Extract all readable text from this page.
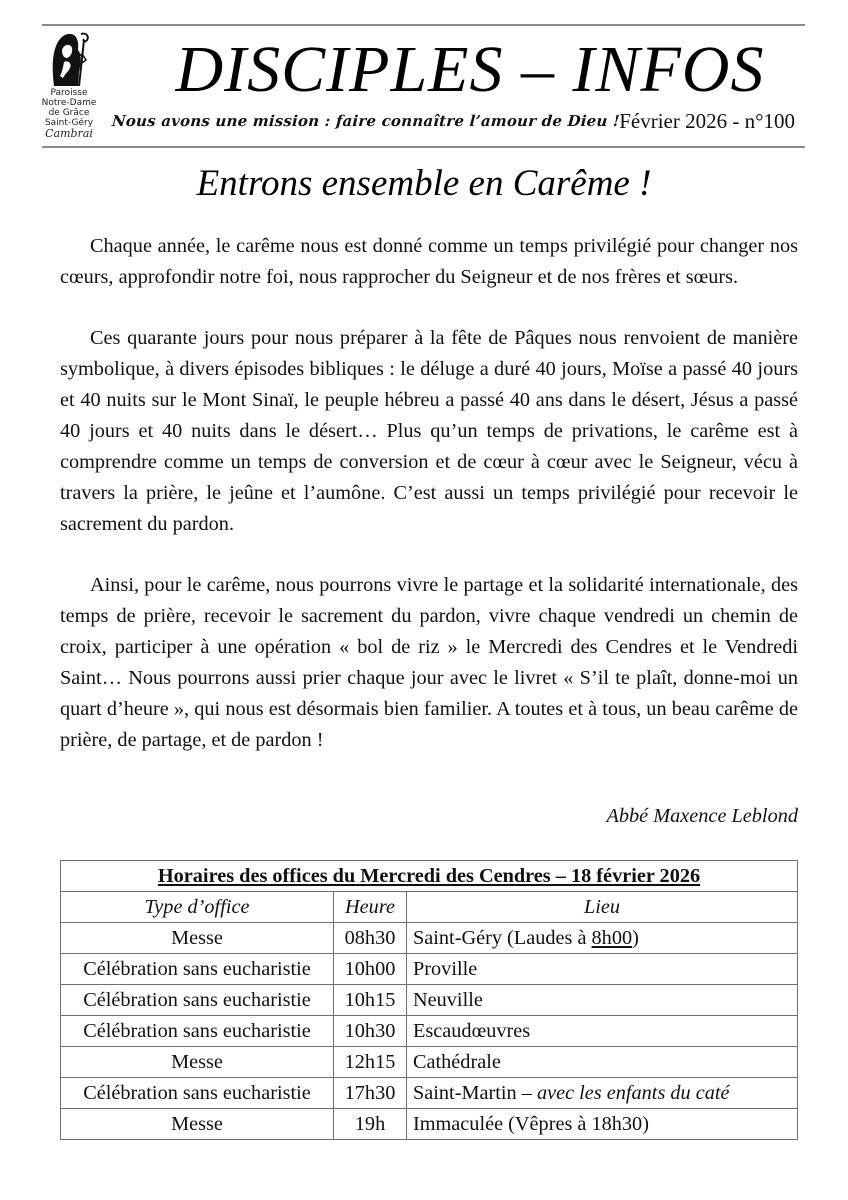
Paroisse
Notre-Dame
de Grâce
Saint-Géry
Cambrai
DISCIPLES – INFOS
Nous avons une mission : faire connaître l’amour de Dieu !
Février 2026 - n°100
Entrons ensemble en Carême !

Chaque année, le carême nous est donné comme un temps privilégié pour changer nos cœurs, approfondir notre foi, nous rapprocher du Seigneur et de nos frères et sœurs.

Ces quarante jours pour nous préparer à la fête de Pâques nous renvoient de manière symbolique, à divers épisodes bibliques : le déluge a duré 40 jours, Moïse a passé 40 jours et 40 nuits sur le Mont Sinaï, le peuple hébreu a passé 40 ans dans le désert, Jésus a passé 40 jours et 40 nuits dans le désert… Plus qu’un temps de privations, le carême est à comprendre comme un temps de conversion et de cœur à cœur avec le Seigneur, vécu à travers la prière, le jeûne et l’aumône. C’est aussi un temps privilégié pour recevoir le sacrement du pardon.

Ainsi, pour le carême, nous pourrons vivre le partage et la solidarité internationale, des temps de prière, recevoir le sacrement du pardon, vivre chaque vendredi un chemin de croix, participer à une opération « bol de riz » le Mercredi des Cendres et le Vendredi Saint… Nous pourrons aussi prier chaque jour avec le livret « S’il te plaît, donne-moi un quart d’heure », qui nous est désormais bien familier. A toutes et à tous, un beau carême de prière, de partage, et de pardon !

Abbé Maxence Leblond
Horaires des offices du Mercredi des Cendres – 18 février 2026		
Type d’office	Heure	Lieu
Messe	08h30	Saint-Géry (Laudes à 8h00)
Célébration sans eucharistie	10h00	Proville
Célébration sans eucharistie	10h15	Neuville
Célébration sans eucharistie	10h30	Escaudœuvres
Messe	12h15	Cathédrale
Célébration sans eucharistie	17h30	Saint-Martin – avec les enfants du caté
Messe	19h	Immaculée (Vêpres à 18h30)
